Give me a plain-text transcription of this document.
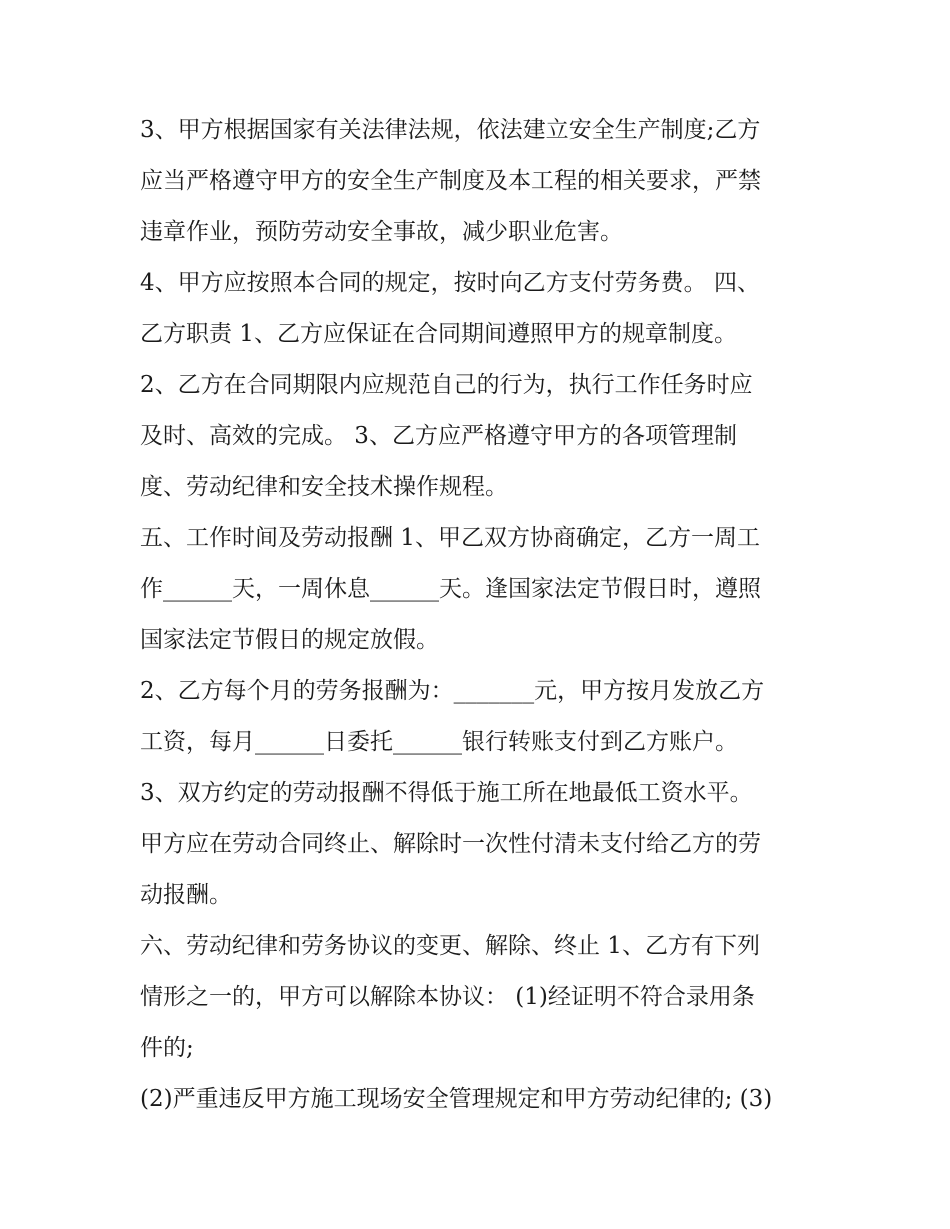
3、甲方根据国家有关法律法规，依法建立安全生产制度;乙方
应当严格遵守甲方的安全生产制度及本工程的相关要求，严禁
违章作业，预防劳动安全事故，减少职业危害。

4、甲方应按照本合同的规定，按时向乙方支付劳务费。 四、
乙方职责 1、乙方应保证在合同期间遵照甲方的规章制度。

2、乙方在合同期限内应规范自己的行为，执行工作任务时应
及时、高效的完成。 3、乙方应严格遵守甲方的各项管理制
度、劳动纪律和安全技术操作规程。

五、工作时间及劳动报酬 1、甲乙双方协商确定，乙方一周工
作______天，一周休息______天。逢国家法定节假日时，遵照
国家法定节假日的规定放假。

2、乙方每个月的劳务报酬为：_______元，甲方按月发放乙方
工资，每月______日委托______银行转账支付到乙方账户。

3、双方约定的劳动报酬不得低于施工所在地最低工资水平。
甲方应在劳动合同终止、解除时一次性付清未支付给乙方的劳
动报酬。

六、劳动纪律和劳务协议的变更、解除、终止 1、乙方有下列
情形之一的，甲方可以解除本协议： (1)经证明不符合录用条
件的;

(2)严重违反甲方施工现场安全管理规定和甲方劳动纪律的; (3)
